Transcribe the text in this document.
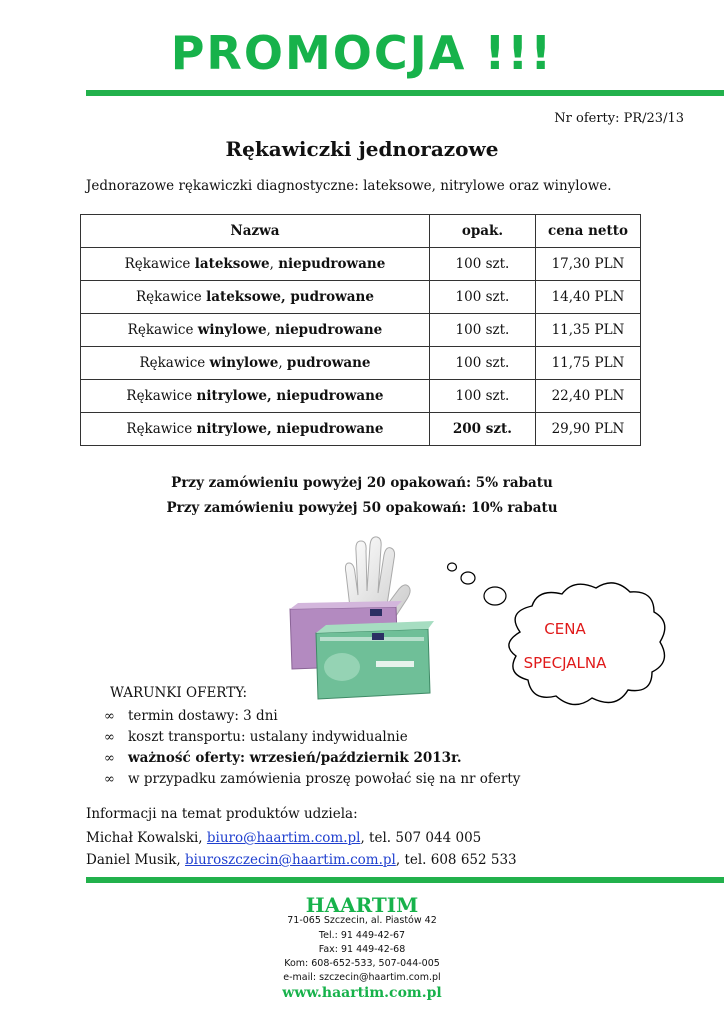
PROMOCJA !!!
Nr oferty: PR/23/13
Rękawiczki jednorazowe
Jednorazowe rękawiczki diagnostyczne: lateksowe, nitrylowe oraz winylowe.
Nazwa	opak.	cena netto
Rękawice lateksowe, niepudrowane	100 szt.	17,30 PLN
Rękawice lateksowe, pudrowane	100 szt.	14,40 PLN
Rękawice winylowe, niepudrowane	100 szt.	11,35 PLN
Rękawice winylowe, pudrowane	100 szt.	11,75 PLN
Rękawice nitrylowe, niepudrowane	100 szt.	22,40 PLN
Rękawice nitrylowe, niepudrowane	200 szt.	29,90 PLN
Przy zamówieniu powyżej 20 opakowań: 5% rabatu
Przy zamówieniu powyżej 50 opakowań: 10% rabatu
CENA
SPECJALNA
WARUNKI OFERTY:
∞ termin dostawy: 3 dni
∞ koszt transportu: ustalany indywidualnie
∞ ważność oferty: wrzesień/październik 2013r.
∞ w przypadku zamówienia proszę powołać się na nr oferty
Informacji na temat produktów udziela:
Michał Kowalski, biuro@haartim.com.pl, tel. 507 044 005
Daniel Musik, biuroszczecin@haartim.com.pl, tel. 608 652 533
HAARTIM
71-065 Szczecin, al. Piastów 42
Tel.: 91 449-42-67
Fax: 91 449-42-68
Kom: 608-652-533, 507-044-005
e-mail: szczecin@haartim.com.pl
www.haartim.com.pl
